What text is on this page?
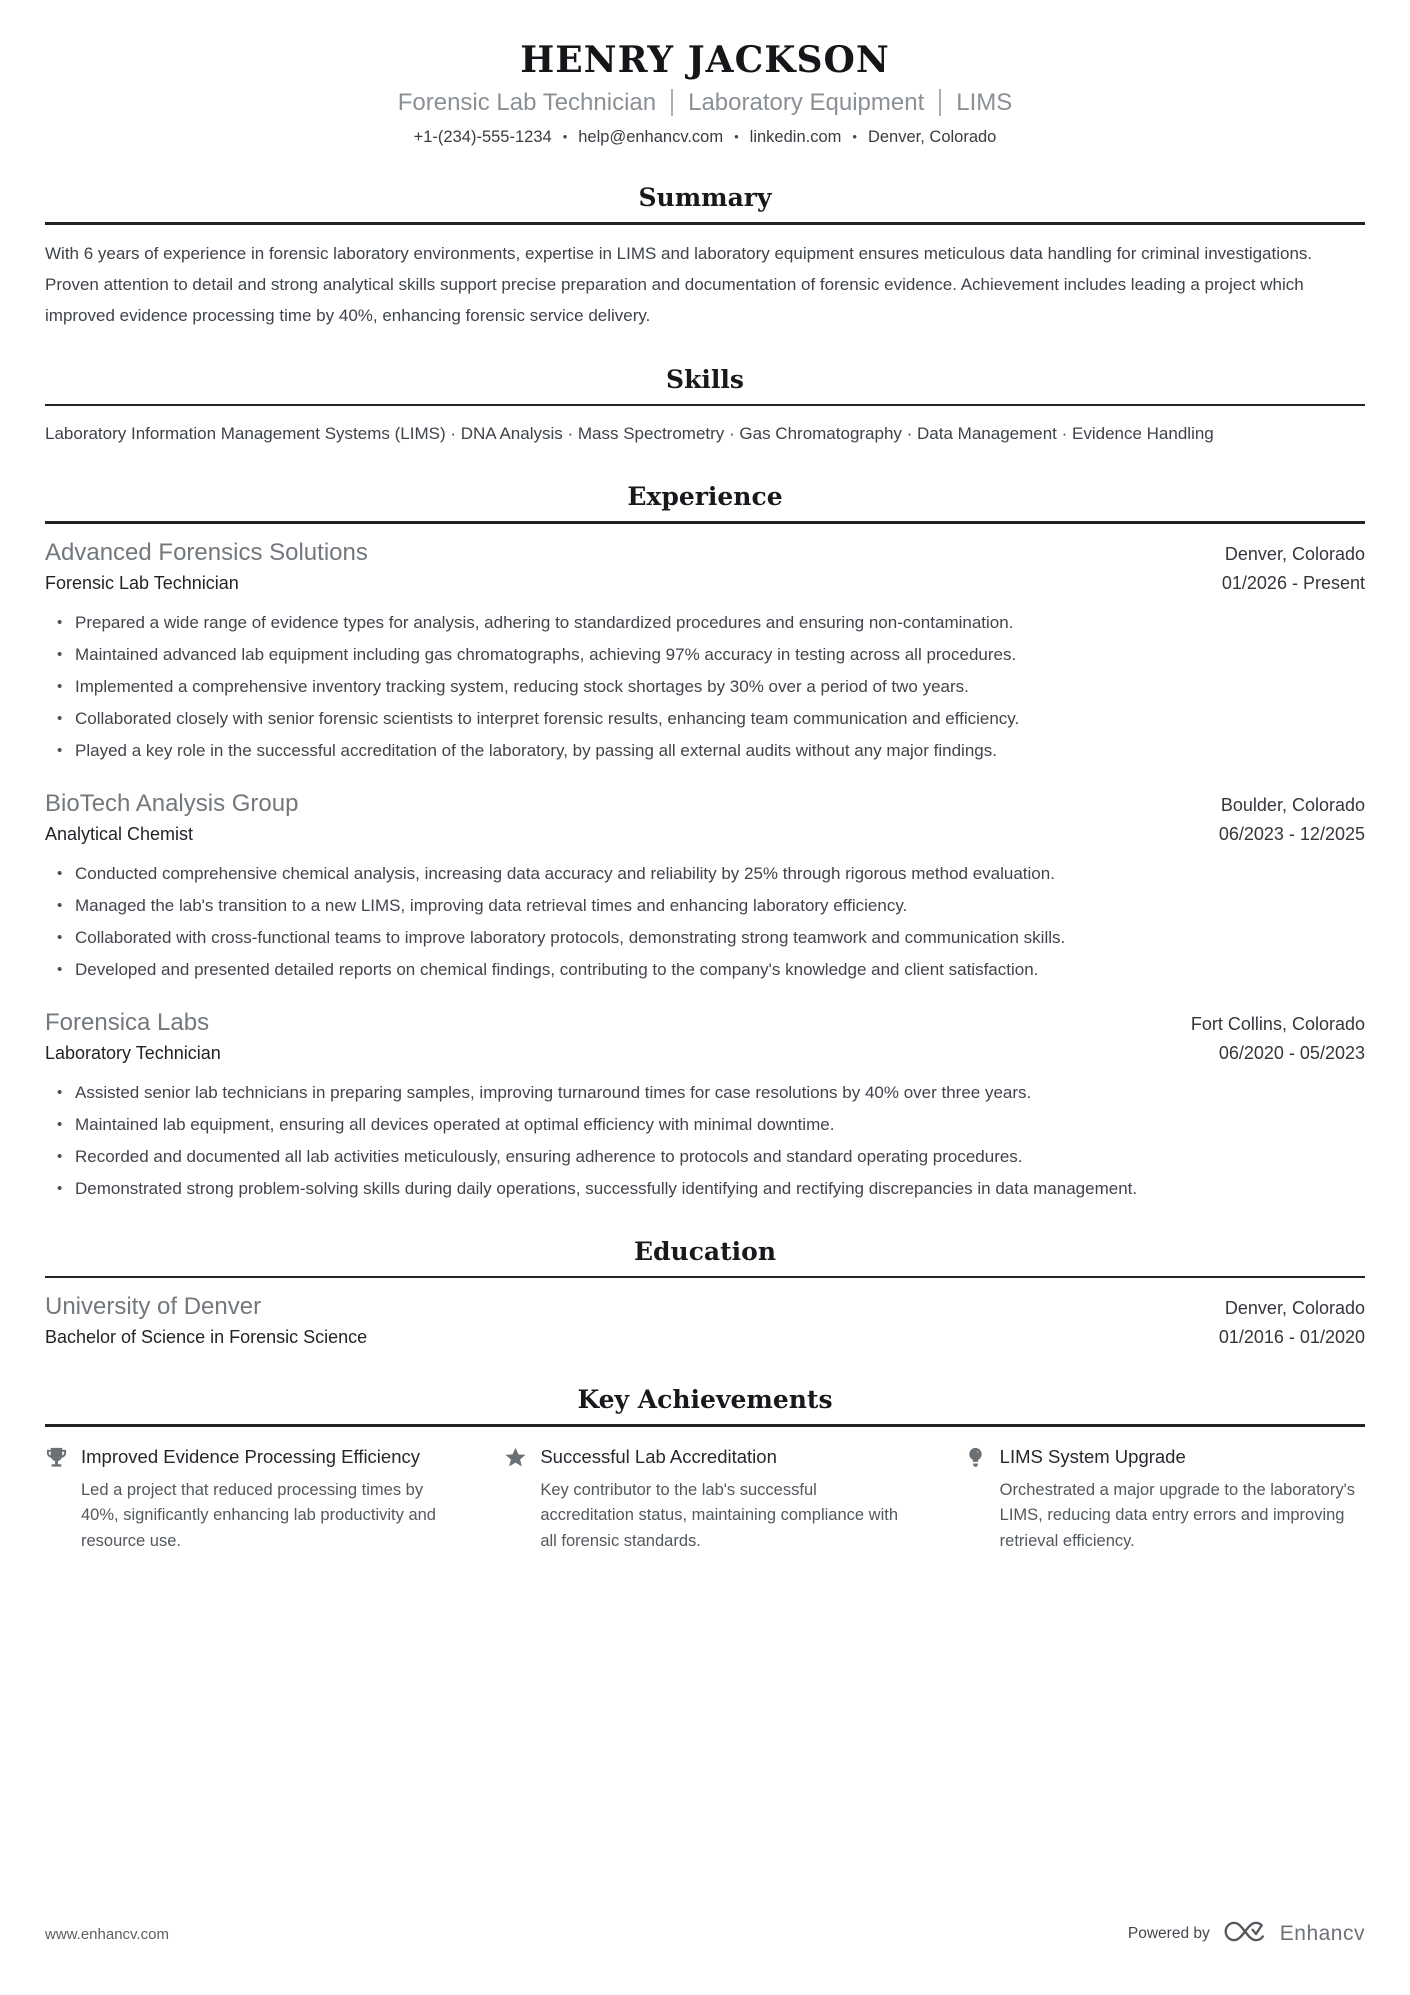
HENRY JACKSON
Forensic Lab Technician Laboratory Equipment LIMS
+1-(234)-555-1234 • help@enhancv.com • linkedin.com • Denver, Colorado
Summary

With 6 years of experience in forensic laboratory environments, expertise in LIMS and laboratory equipment ensures meticulous data handling for criminal investigations. Proven attention to detail and strong analytical skills support precise preparation and documentation of forensic evidence. Achievement includes leading a project which improved evidence processing time by 40%, enhancing forensic service delivery.

Skills

Laboratory Information Management Systems (LIMS) · DNA Analysis · Mass Spectrometry · Gas Chromatography · Data Management · Evidence Handling

Experience
Advanced Forensics Solutions	Denver, Colorado
Forensic Lab Technician	01/2026 - Present
• Prepared a wide range of evidence types for analysis, adhering to standardized procedures and ensuring non-contamination.
• Maintained advanced lab equipment including gas chromatographs, achieving 97% accuracy in testing across all procedures.
• Implemented a comprehensive inventory tracking system, reducing stock shortages by 30% over a period of two years.
• Collaborated closely with senior forensic scientists to interpret forensic results, enhancing team communication and efficiency.
• Played a key role in the successful accreditation of the laboratory, by passing all external audits without any major findings.
BioTech Analysis Group	Boulder, Colorado
Analytical Chemist	06/2023 - 12/2025
• Conducted comprehensive chemical analysis, increasing data accuracy and reliability by 25% through rigorous method evaluation.
• Managed the lab's transition to a new LIMS, improving data retrieval times and enhancing laboratory efficiency.
• Collaborated with cross-functional teams to improve laboratory protocols, demonstrating strong teamwork and communication skills.
• Developed and presented detailed reports on chemical findings, contributing to the company's knowledge and client satisfaction.
Forensica Labs	Fort Collins, Colorado
Laboratory Technician	06/2020 - 05/2023
• Assisted senior lab technicians in preparing samples, improving turnaround times for case resolutions by 40% over three years.
• Maintained lab equipment, ensuring all devices operated at optimal efficiency with minimal downtime.
• Recorded and documented all lab activities meticulously, ensuring adherence to protocols and standard operating procedures.
• Demonstrated strong problem-solving skills during daily operations, successfully identifying and rectifying discrepancies in data management.
Education
University of Denver	Denver, Colorado
Bachelor of Science in Forensic Science	01/2016 - 01/2020
Key Achievements
Improved Evidence Processing Efficiency

Led a project that reduced processing times by 40%, significantly enhancing lab productivity and resource use.

Successful Lab Accreditation

Key contributor to the lab's successful accreditation status, maintaining compliance with all forensic standards.

LIMS System Upgrade

Orchestrated a major upgrade to the laboratory's LIMS, reducing data entry errors and improving retrieval efficiency.

www.enhancv.com	Powered by	Enhancv
